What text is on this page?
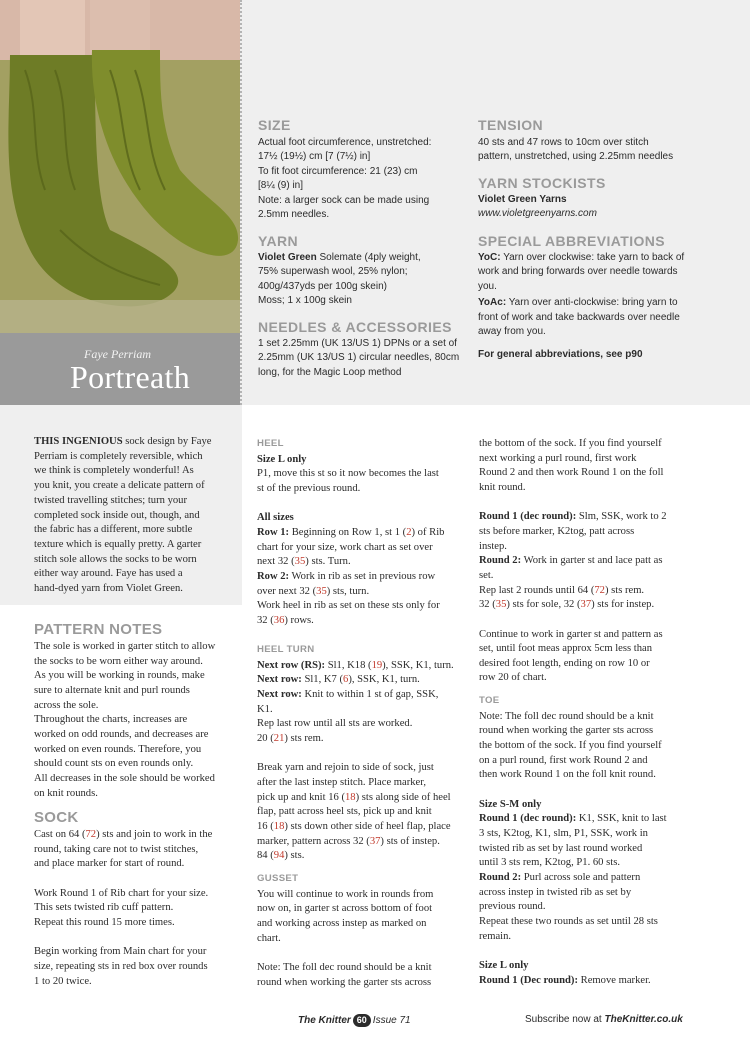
Faye Perriam
Portreath
SIZE

Actual foot circumference, unstretched:

17½ (19½) cm [7 (7½) in]

To fit foot circumference: 21 (23) cm

[8¼ (9) in]

Note: a larger sock can be made using

2.5mm needles.

YARN

Violet Green Solemate (4ply weight,

75% superwash wool, 25% nylon;

400g/437yds per 100g skein)

Moss; 1 x 100g skein

NEEDLES & ACCESSORIES

1 set 2.25mm (UK 13/US 1) DPNs or a set of

2.25mm (UK 13/US 1) circular needles, 80cm

long, for the Magic Loop method

TENSION

40 sts and 47 rows to 10cm over stitch

pattern, unstretched, using 2.25mm needles

YARN STOCKISTS

Violet Green Yarns

www.violetgreenyarns.com

SPECIAL ABBREVIATIONS

YoC: Yarn over clockwise: take yarn to back of

work and bring forwards over needle towards

you.

YoAc: Yarn over anti-clockwise: bring yarn to

front of work and take backwards over needle

away from you.

For general abbreviations, see p90

THIS INGENIOUS sock design by Faye
Perriam is completely reversible, which
we think is completely wonderful! As
you knit, you create a delicate pattern of
twisted travelling stitches; turn your
completed sock inside out, though, and
the fabric has a different, more subtle
texture which is equally pretty. A garter
stitch sole allows the socks to be worn
either way around. Faye has used a
hand-dyed yarn from Violet Green.
PATTERN NOTES

The sole is worked in garter stitch to allow

the socks to be worn either way around.

As you will be working in rounds, make

sure to alternate knit and purl rounds

across the sole.

Throughout the charts, increases are

worked on odd rounds, and decreases are

worked on even rounds. Therefore, you

should count sts on even rounds only.

All decreases in the sole should be worked

on knit rounds.

SOCK

Cast on 64 (72) sts and join to work in the

round, taking care not to twist stitches,

and place marker for start of round.

Work Round 1 of Rib chart for your size.

This sets twisted rib cuff pattern.

Repeat this round 15 more times.

Begin working from Main chart for your

size, repeating sts in red box over rounds

1 to 20 twice.

HEEL

Size L only

P1, move this st so it now becomes the last

st of the previous round.

All sizes

Row 1: Beginning on Row 1, st 1 (2) of Rib

chart for your size, work chart as set over

next 32 (35) sts. Turn.

Row 2: Work in rib as set in previous row

over next 32 (35) sts, turn.

Work heel in rib as set on these sts only for

32 (36) rows.

HEEL TURN

Next row (RS): Sl1, K18 (19), SSK, K1, turn.

Next row: Sl1, K7 (6), SSK, K1, turn.

Next row: Knit to within 1 st of gap, SSK,

K1.

Rep last row until all sts are worked.

20 (21) sts rem.

Break yarn and rejoin to side of sock, just

after the last instep stitch. Place marker,

pick up and knit 16 (18) sts along side of heel

flap, patt across heel sts, pick up and knit

16 (18) sts down other side of heel flap, place

marker, pattern across 32 (37) sts of instep.

84 (94) sts.

GUSSET

You will continue to work in rounds from

now on, in garter st across bottom of foot

and working across instep as marked on

chart.

Note: The foll dec round should be a knit

round when working the garter sts across

the bottom of the sock. If you find yourself

next working a purl round, first work

Round 2 and then work Round 1 on the foll

knit round.

Round 1 (dec round): Slm, SSK, work to 2

sts before marker, K2tog, patt across

instep.

Round 2: Work in garter st and lace patt as

set.

Rep last 2 rounds until 64 (72) sts rem.

32 (35) sts for sole, 32 (37) sts for instep.

Continue to work in garter st and pattern as

set, until foot meas approx 5cm less than

desired foot length, ending on row 10 or

row 20 of chart.

TOE

Note: The foll dec round should be a knit

round when working the garter sts across

the bottom of the sock. If you find yourself

on a purl round, first work Round 2 and

then work Round 1 on the foll knit round.

Size S-M only

Round 1 (dec round): K1, SSK, knit to last

3 sts, K2tog, K1, slm, P1, SSK, work in

twisted rib as set by last round worked

until 3 sts rem, K2tog, P1. 60 sts.

Round 2: Purl across sole and pattern

across instep in twisted rib as set by

previous round.

Repeat these two rounds as set until 28 sts

remain.

Size L only

Round 1 (Dec round): Remove marker.

The Knitter 60 Issue 71	Subscribe now at TheKnitter.co.uk
